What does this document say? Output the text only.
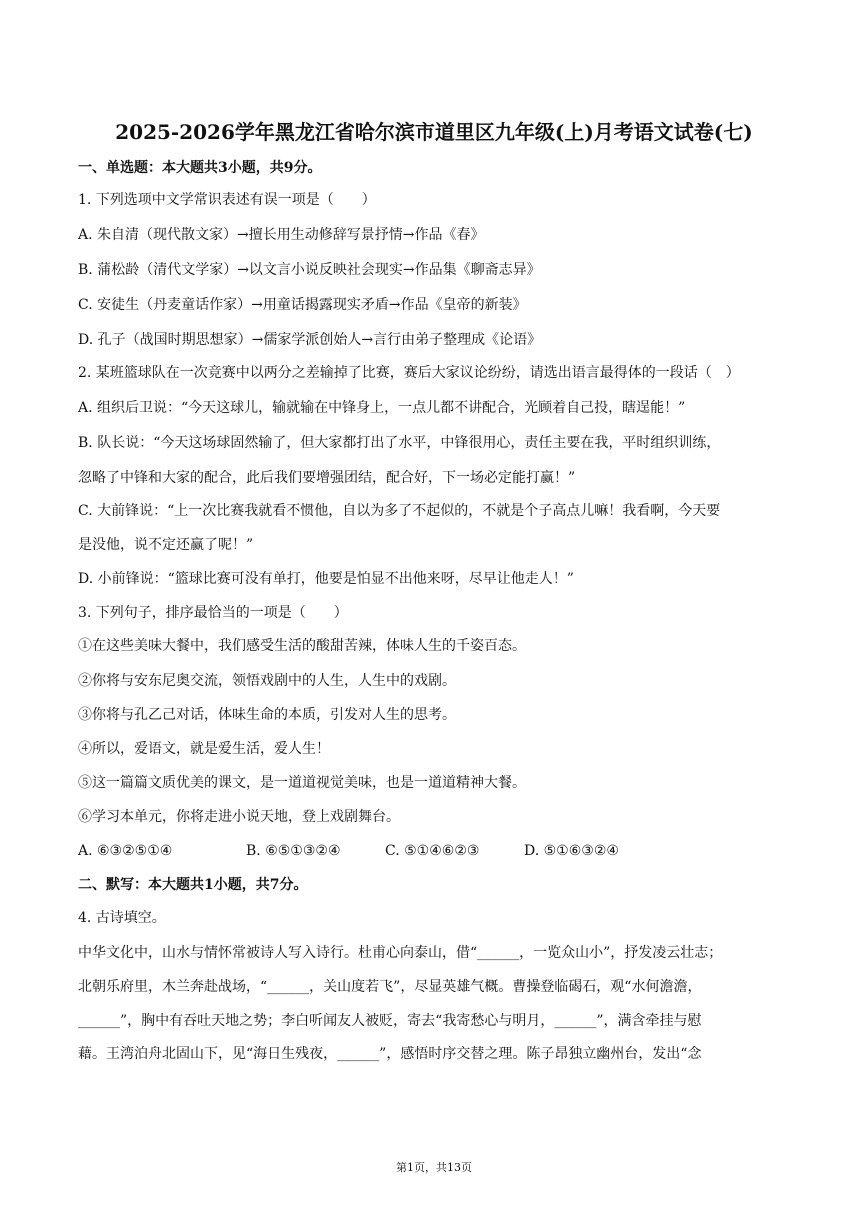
2025-2026学年黑龙江省哈尔滨市道里区九年级(上)月考语文试卷(七)
一、单选题：本大题共3小题，共9分。
1. 下列选项中文学常识表述有误一项是（　　）
A. 朱自清（现代散文家）→擅长用生动修辞写景抒情→作品《春》
B. 蒲松龄（清代文学家）→以文言小说反映社会现实→作品集《聊斋志异》
C. 安徒生（丹麦童话作家）→用童话揭露现实矛盾→作品《皇帝的新装》
D. 孔子（战国时期思想家）→儒家学派创始人→言行由弟子整理成《论语》
2. 某班篮球队在一次竞赛中以两分之差输掉了比赛，赛后大家议论纷纷，请选出语言最得体的一段话（　）
A. 组织后卫说：“今天这球儿，输就输在中锋身上，一点儿都不讲配合，光顾着自己投，瞎逞能！”
B. 队长说：“今天这场球固然输了，但大家都打出了水平，中锋很用心，责任主要在我，平时组织训练，
忽略了中锋和大家的配合，此后我们要增强团结，配合好，下一场必定能打赢！”
C. 大前锋说：“上一次比赛我就看不惯他，自以为多了不起似的，不就是个子高点儿嘛！我看啊，今天要
是没他，说不定还赢了呢！”
D. 小前锋说：“篮球比赛可没有单打，他要是怕显不出他来呀，尽早让他走人！”
3. 下列句子，排序最恰当的一项是（　　）
①在这些美味大餐中，我们感受生活的酸甜苦辣，体味人生的千姿百态。
②你将与安东尼奥交流，领悟戏剧中的人生，人生中的戏剧。
③你将与孔乙己对话，体味生命的本质，引发对人生的思考。
④所以，爱语文，就是爱生活，爱人生！
⑤这一篇篇文质优美的课文，是一道道视觉美味，也是一道道精神大餐。
⑥学习本单元，你将走进小说天地，登上戏剧舞台。
A. ⑥③②⑤①④	B. ⑥⑤①③②④	C. ⑤①④⑥②③	D. ⑤①⑥③②④
二、默写：本大题共1小题，共7分。
4. 古诗填空。
中华文化中，山水与情怀常被诗人写入诗行。杜甫心向泰山，借“______，一览众山小”，抒发凌云壮志；
北朝乐府里，木兰奔赴战场，“______，关山度若飞”，尽显英雄气概。曹操登临碣石，观“水何澹澹，
______”，胸中有吞吐天地之势；李白听闻友人被贬，寄去“我寄愁心与明月，______”，满含牵挂与慰
藉。王湾泊舟北固山下，见“海日生残夜，______”，感悟时序交替之理。陈子昂独立幽州台，发出“念
第1页，共13页
